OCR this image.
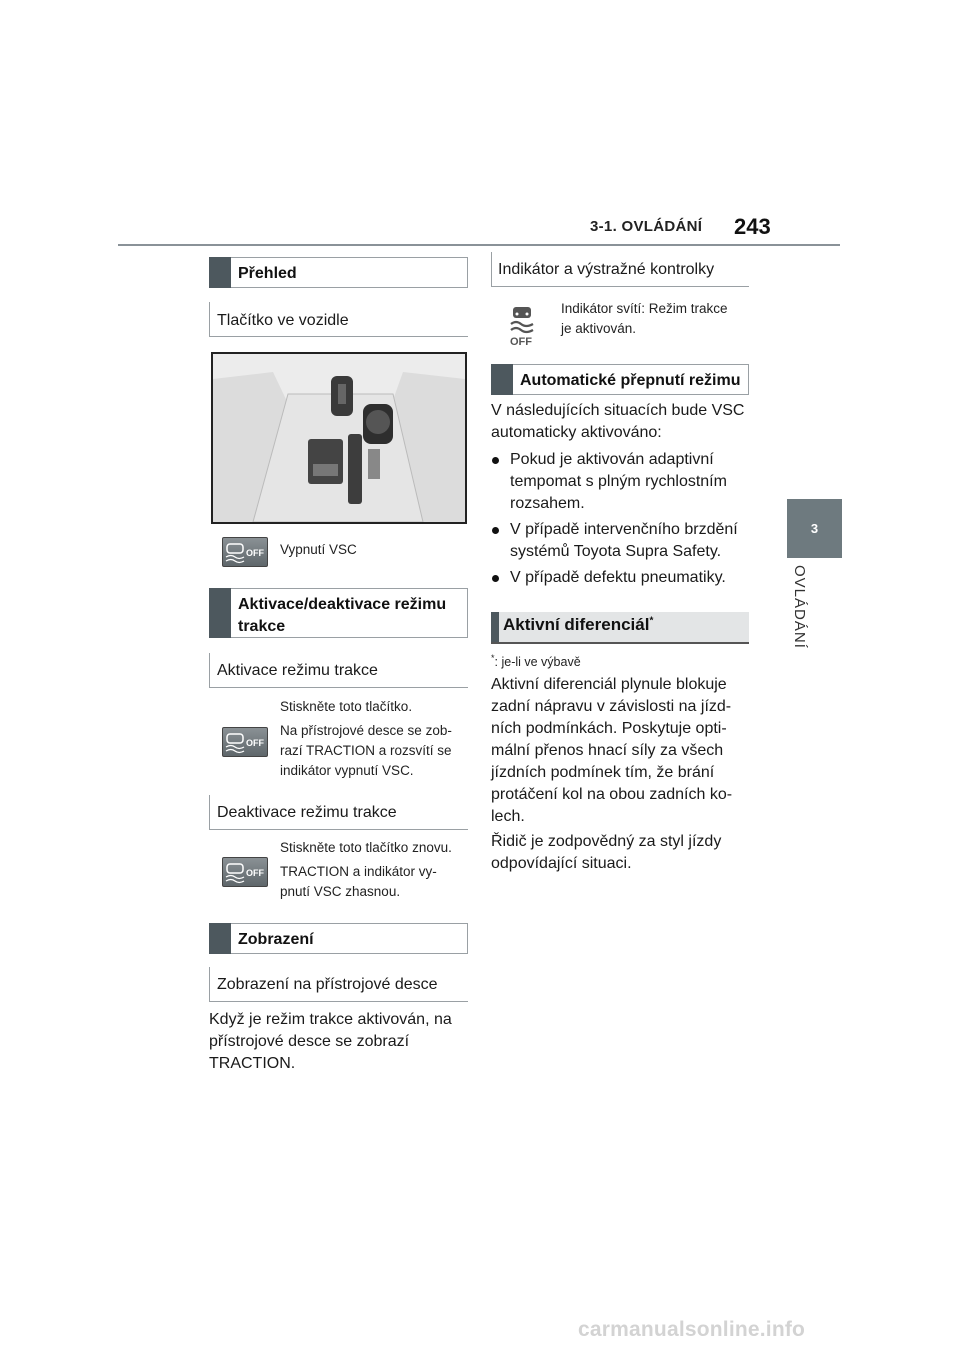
3-1. OVLÁDÁNÍ 243
3
OVLÁDÁNÍ
Přehled
Tlačítko ve vozidle
OFF Vypnutí VSC
Aktivace/deaktivace režimu
trakce
Aktivace režimu trakce
OFF
Stiskněte toto tlačítko.
Na přístrojové desce se zob-
razí TRACTION a rozsvítí se
indikátor vypnutí VSC.
Deaktivace režimu trakce
OFF
Stiskněte toto tlačítko znovu.
TRACTION a indikátor vy-
pnutí VSC zhasnou.
Zobrazení
Zobrazení na přístrojové desce
Když je režim trakce aktivován, na
přístrojové desce se zobrazí
TRACTION.
Indikátor a výstražné kontrolky
OFF
Indikátor svítí: Režim trakce
je aktivován.
Automatické přepnutí režimu
V následujících situacích bude VSC
automaticky aktivováno:
Pokud je aktivován adaptivní
tempomat s plným rychlostním
rozsahem.
V případě intervenčního brzdění
systémů Toyota Supra Safety.
V případě defektu pneumatiky.
Aktivní diferenciál*
*: je-li ve výbavě
Aktivní diferenciál plynule blokuje
zadní nápravu v závislosti na jízd-
ních podmínkách. Poskytuje opti-
mální přenos hnací síly za všech
jízdních podmínek tím, že brání
protáčení kol na obou zadních ko-
lech.
Řidič je zodpovědný za styl jízdy
odpovídající situaci.
carmanualsonline.info
